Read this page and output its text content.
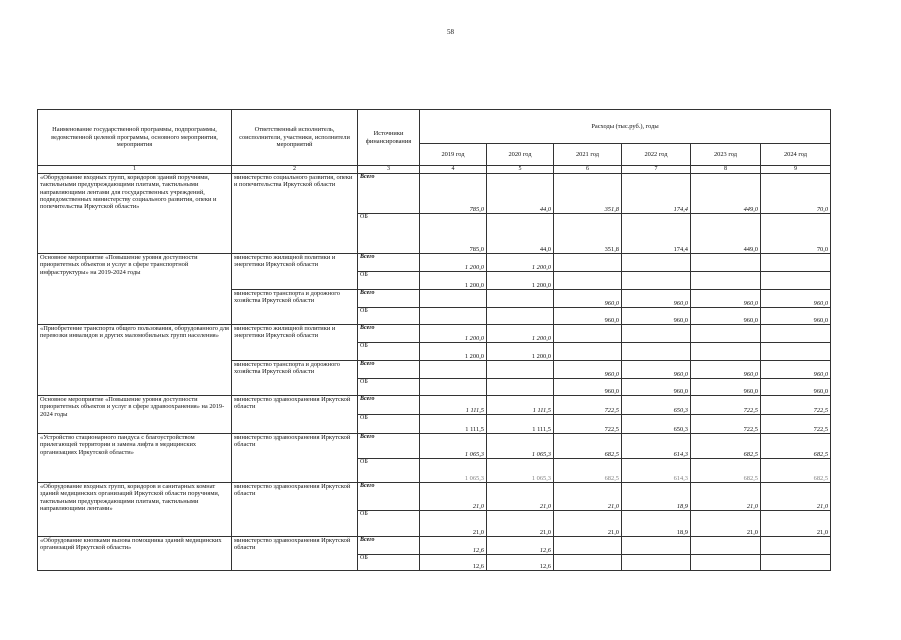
58
Наименование государственной программы, подпрограммы, ведомственной целевой программы, основного мероприятия, мероприятия	Ответственный исполнитель, соисполнители, участники, исполнители мероприятий	Источники финансирования	Расходы (тыс.руб.), годы					
			2019 год	2020 год	2021 год	2022 год	2023 год	2024 год
1	2	3	4	5	6	7	8	9
«Оборудование входных групп, коридоров зданий поручнями, тактильными предупреждающими плитами, тактильными направляющими лентами для государственных учреждений, подведомственных министерству социального развития, опеки и попечительства Иркутской области»	министерство социального развития, опеки и попечительства Иркутской области	Всего	785,0	44,0	351,8	174,4	449,0	70,0
		ОБ	785,0	44,0	351,8	174,4	449,0	70,0
Основное мероприятие «Повышение уровня доступности приоритетных объектов и услуг в сфере транспортной инфраструктуры» на 2019-2024 годы	министерство жилищной политики и энергетики Иркутской области	Всего	1 200,0	1 200,0				
		ОБ	1 200,0	1 200,0				
	министерство транспорта и дорожного хозяйства Иркутской области	Всего			960,0	960,0	960,0	960,0
		ОБ			960,0	960,0	960,0	960,0
«Приобретение транспорта общего пользования, оборудованного для перевозки инвалидов и других маломобильных групп населения»	министерство жилищной политики и энергетики Иркутской области	Всего	1 200,0	1 200,0				
		ОБ	1 200,0	1 200,0				
	министерство транспорта и дорожного хозяйства Иркутской области	Всего			960,0	960,0	960,0	960,0
		ОБ			960,0	960,0	960,0	960,0
Основное мероприятие «Повышение уровня доступности приоритетных объектов и услуг в сфере здравоохранения» на 2019-2024 годы	министерство здравоохранения Иркутской области	Всего	1 111,5	1 111,5	722,5	650,3	722,5	722,5
		ОБ	1 111,5	1 111,5	722,5	650,3	722,5	722,5
«Устройство стационарного пандуса с благоустройством прилегающей территории и замена лифта в медицинских организациях Иркутской области»	министерство здравоохранения Иркутской области	Всего	1 065,3	1 065,3	682,5	614,3	682,5	682,5
		ОБ	1 065,3	1 065,3	682,5	614,3	682,5	682,5
«Оборудование входных групп, коридоров и санитарных комнат зданий медицинских организаций Иркутской области поручнями, тактильными предупреждающими плитами, тактильными направляющими лентами»	министерство здравоохранения Иркутской области	Всего	21,0	21,0	21,0	18,9	21,0	21,0
		ОБ	21,0	21,0	21,0	18,9	21,0	21,0
«Оборудование кнопками вызова помощника зданий медицинских организаций Иркутской области»	министерство здравоохранения Иркутской области	Всего	12,6	12,6				
		ОБ	12,6	12,6				
